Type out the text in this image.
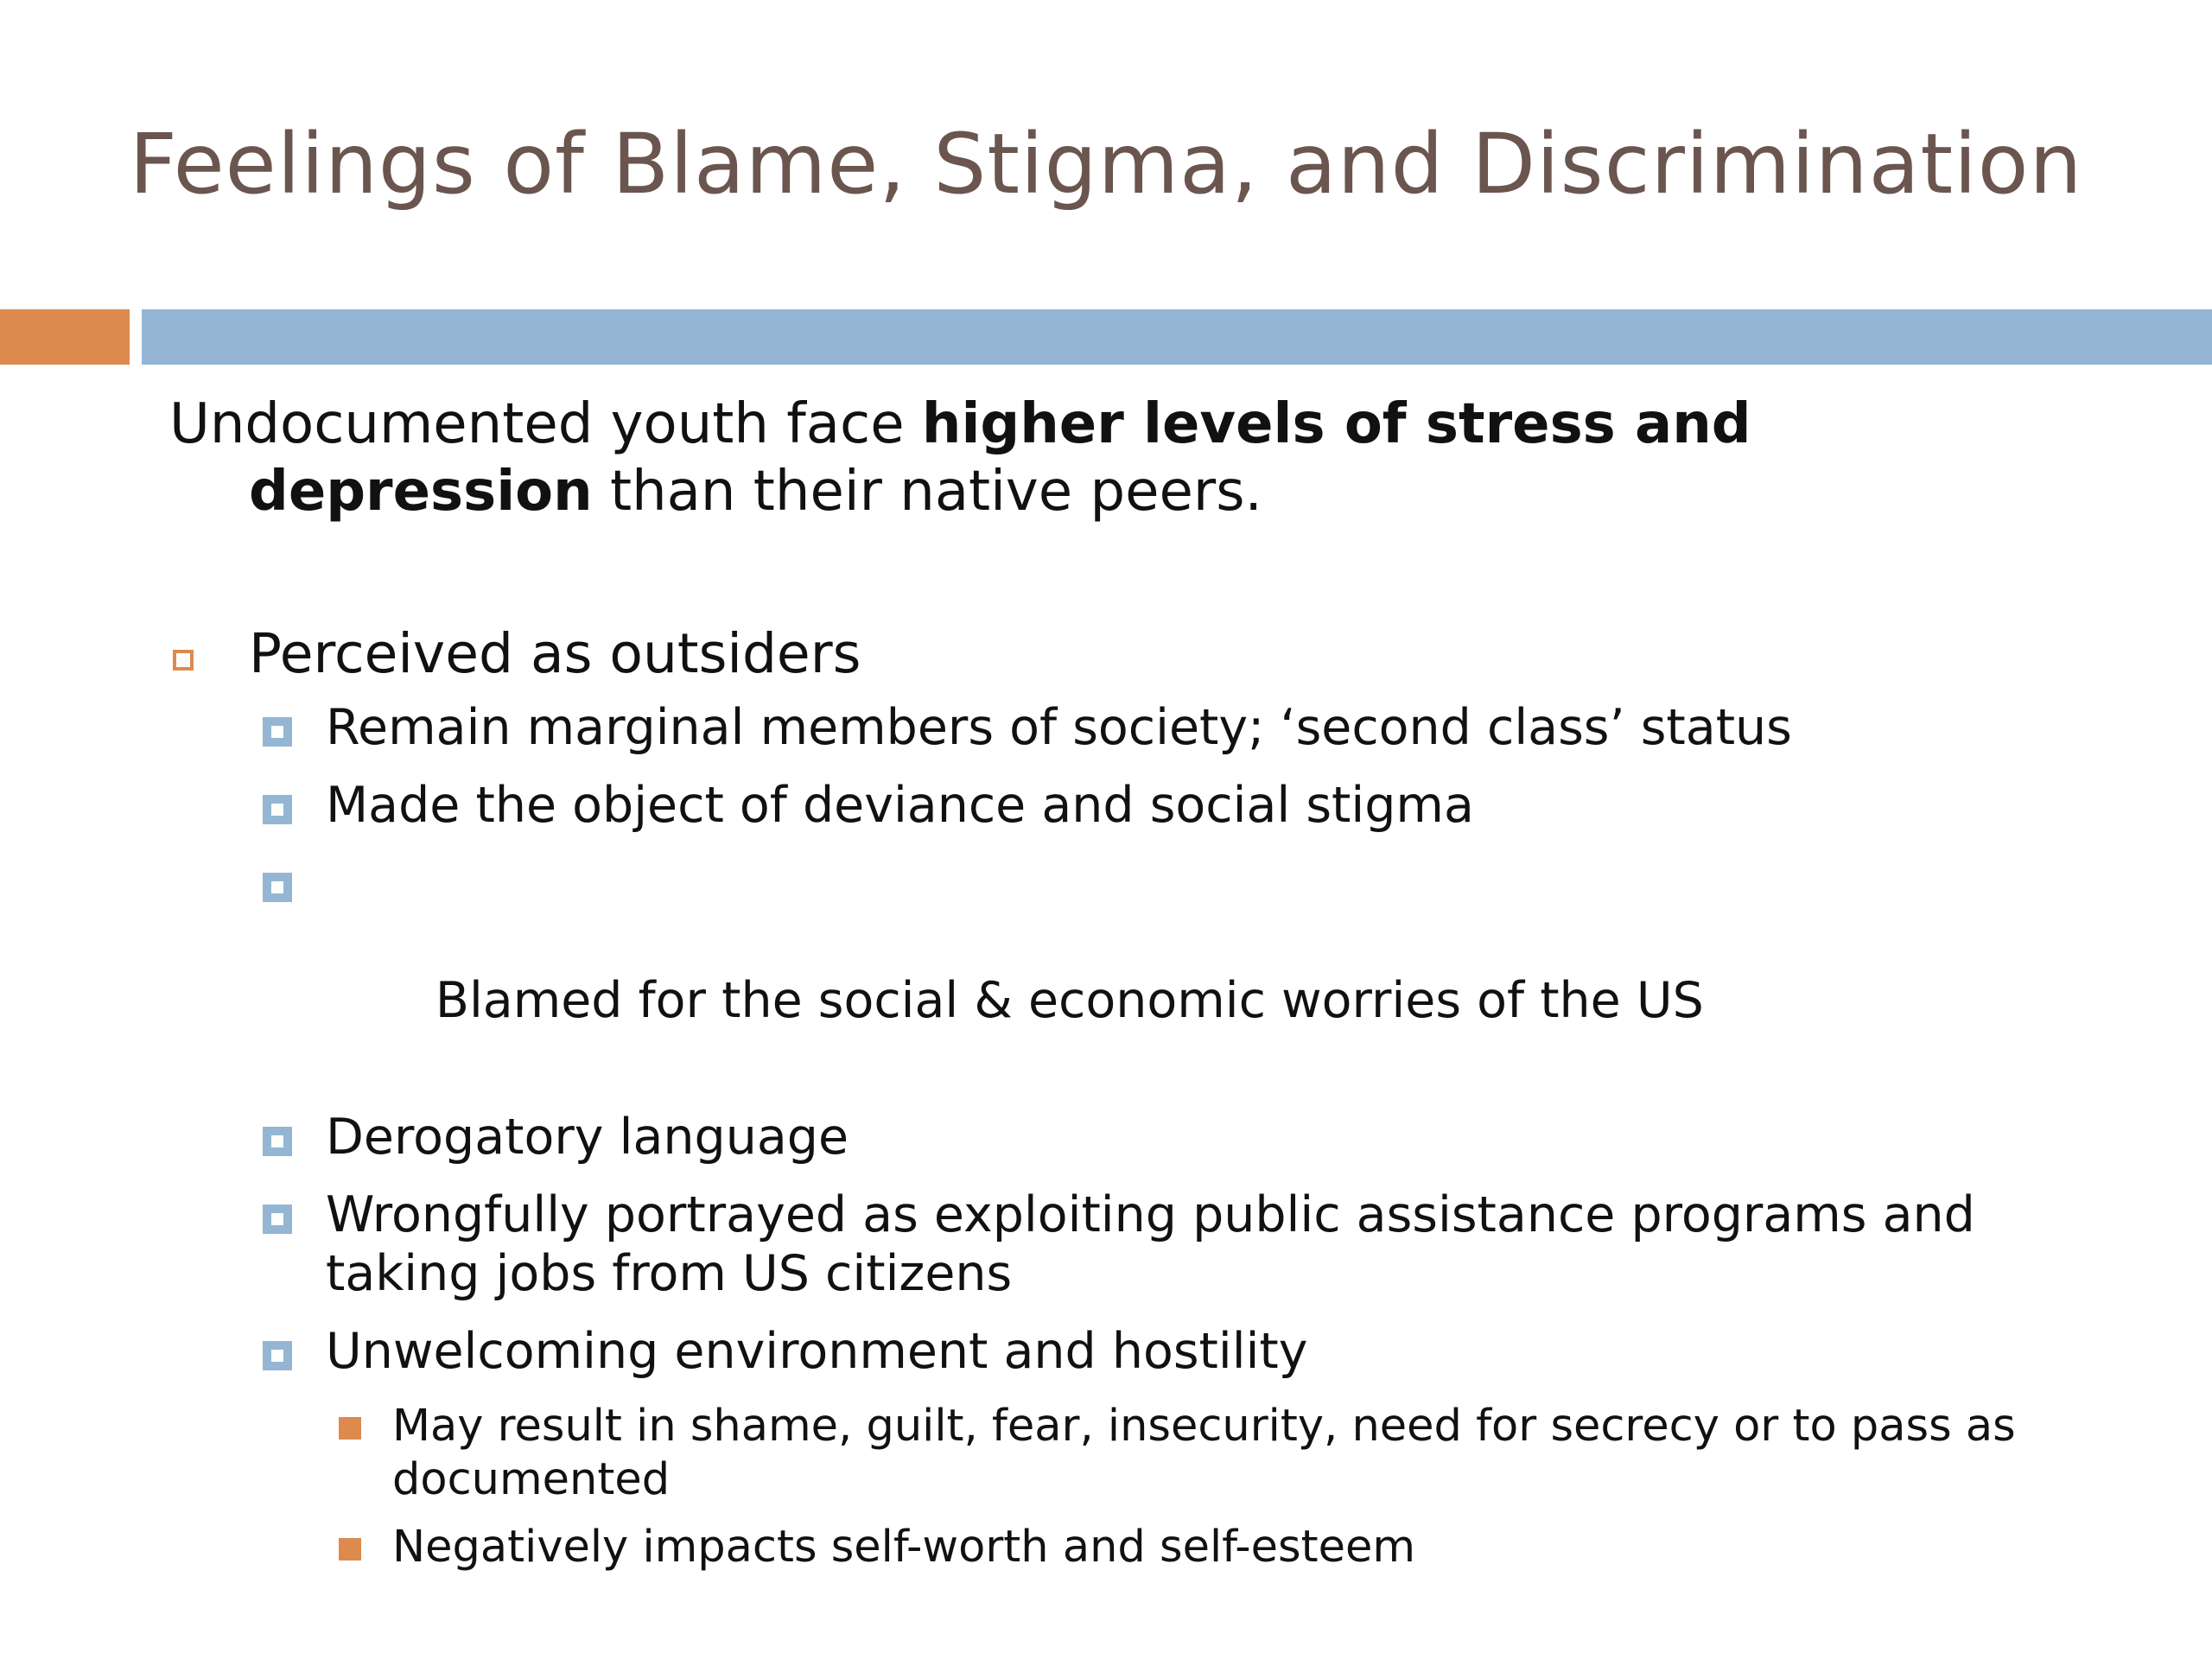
Feelings of Blame, Stigma, and Discrimination

Undocumented youth face higher levels of stress and depression than their native peers.

Perceived as outsiders
Remain marginal members of society; ‘second class’ status
Made the object of deviance and social stigma

Blamed for the social & economic worries of the US

Derogatory language
Wrongfully portrayed as exploiting public assistance programs and taking jobs from US citizens
Unwelcoming environment and hostility
May result in shame, guilt, fear, insecurity, need for secrecy or to pass as documented
Negatively impacts self-worth and self-esteem
